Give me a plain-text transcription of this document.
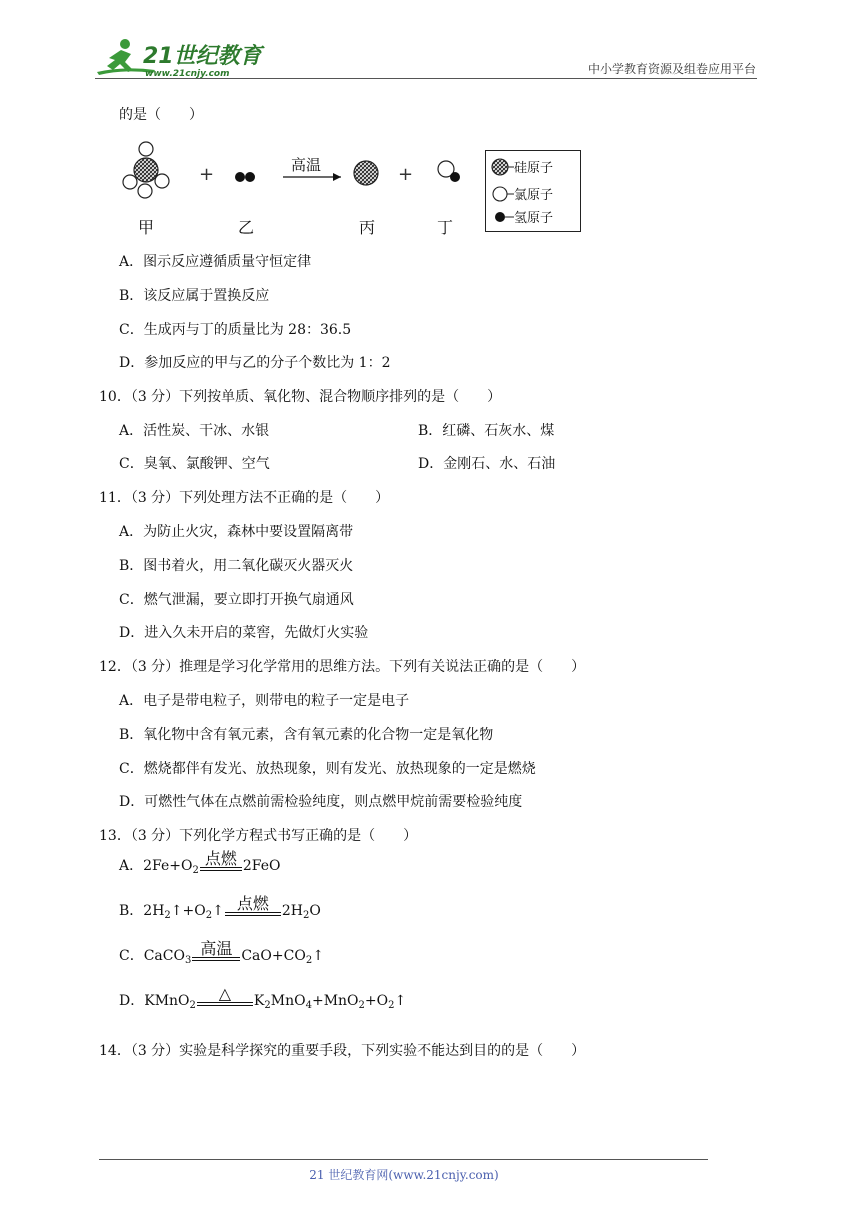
21世纪教育
www.21cnjy.com	中小学教育资源及组卷应用平台
的是（　　）
+	高温	+
甲	乙	丙	丁
硅原子
氯原子
氢原子
A．图示反应遵循质量守恒定律
B．该反应属于置换反应
C．生成丙与丁的质量比为 28：36.5
D．参加反应的甲与乙的分子个数比为 1：2
10．（3 分）下列按单质、氧化物、混合物顺序排列的是（　　）
A．活性炭、干冰、水银	B．红磷、石灰水、煤
C．臭氧、氯酸钾、空气	D．金刚石、水、石油
11．（3 分）下列处理方法不正确的是（　　）
A．为防止火灾，森林中要设置隔离带
B．图书着火，用二氧化碳灭火器灭火
C．燃气泄漏，要立即打开换气扇通风
D．进入久未开启的菜窖，先做灯火实验
12．（3 分）推理是学习化学常用的思维方法。下列有关说法正确的是（　　）
A．电子是带电粒子，则带电的粒子一定是电子
B．氧化物中含有氧元素，含有氧元素的化合物一定是氧化物
C．燃烧都伴有发光、放热现象，则有发光、放热现象的一定是燃烧
D．可燃性气体在点燃前需检验纯度，则点燃甲烷前需要检验纯度
13．（3 分）下列化学方程式书写正确的是（　　）
A．$2Fe+O_2$
点燃 2FeO
B．$2H_2↑+O_2↑$ 点燃 $2H_2O$
C．CaCO$_3$
高温 $CaO+CO_2↑$
D．KMnO$_2$
△	$K_2MnO_4+MnO_2+O_2↑$
14．（3 分）实验是科学探究的重要手段，下列实验不能达到目的的是（　　）
21 世纪教育网(www.21cnjy.com)
